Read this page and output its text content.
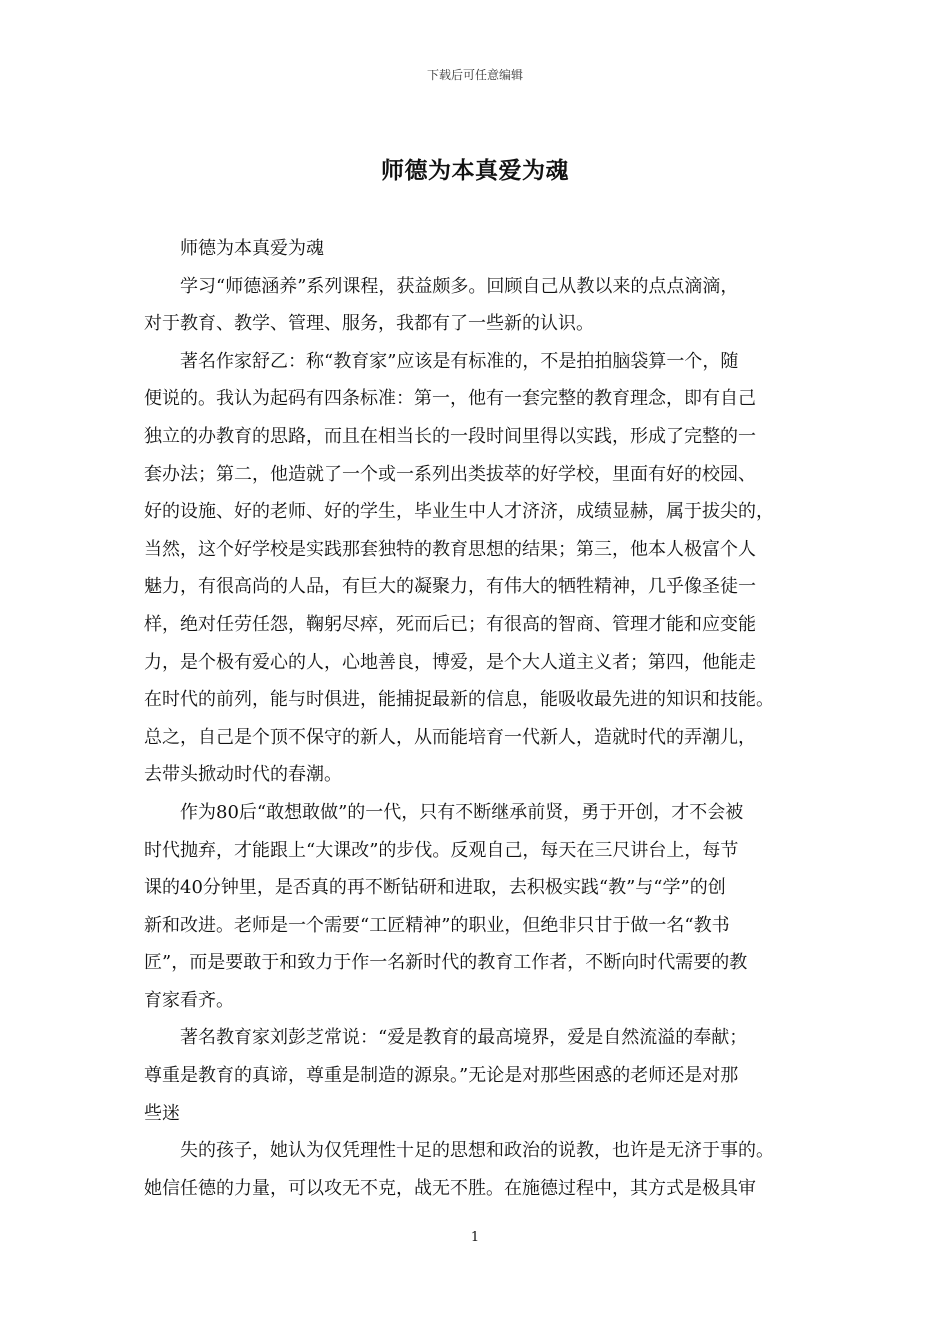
下载后可任意编辑
师德为本真爱为魂
师德为本真爱为魂
学习“师德涵养”系列课程，获益颇多。回顾自己从教以来的点点滴滴，
对于教育、教学、管理、服务，我都有了一些新的认识。
著名作家舒乙：称“教育家”应该是有标准的，不是拍拍脑袋算一个，随
便说的。我认为起码有四条标准：第一，他有一套完整的教育理念，即有自己
独立的办教育的思路，而且在相当长的一段时间里得以实践，形成了完整的一
套办法；第二，他造就了一个或一系列出类拔萃的好学校，里面有好的校园、
好的设施、好的老师、好的学生，毕业生中人才济济，成绩显赫，属于拔尖的，
当然，这个好学校是实践那套独特的教育思想的结果；第三，他本人极富个人
魅力，有很高尚的人品，有巨大的凝聚力，有伟大的牺牲精神，几乎像圣徒一
样，绝对任劳任怨，鞠躬尽瘁，死而后已；有很高的智商、管理才能和应变能
力，是个极有爱心的人，心地善良，博爱，是个大人道主义者；第四，他能走
在时代的前列，能与时俱进，能捕捉最新的信息，能吸收最先进的知识和技能。
总之，自己是个顶不保守的新人，从而能培育一代新人，造就时代的弄潮儿，
去带头掀动时代的春潮。
作为80后“敢想敢做”的一代，只有不断继承前贤，勇于开创，才不会被
时代抛弃，才能跟上“大课改”的步伐。反观自己，每天在三尺讲台上，每节
课的40分钟里，是否真的再不断钻研和进取，去积极实践“教”与“学”的创
新和改进。老师是一个需要“工匠精神”的职业，但绝非只甘于做一名“教书
匠”，而是要敢于和致力于作一名新时代的教育工作者，不断向时代需要的教
育家看齐。
著名教育家刘彭芝常说：“爱是教育的最高境界，爱是自然流溢的奉献；
尊重是教育的真谛，尊重是制造的源泉。”无论是对那些困惑的老师还是对那
些迷
失的孩子，她认为仅凭理性十足的思想和政治的说教，也许是无济于事的。
她信任德的力量，可以攻无不克，战无不胜。在施德过程中，其方式是极具审
1
